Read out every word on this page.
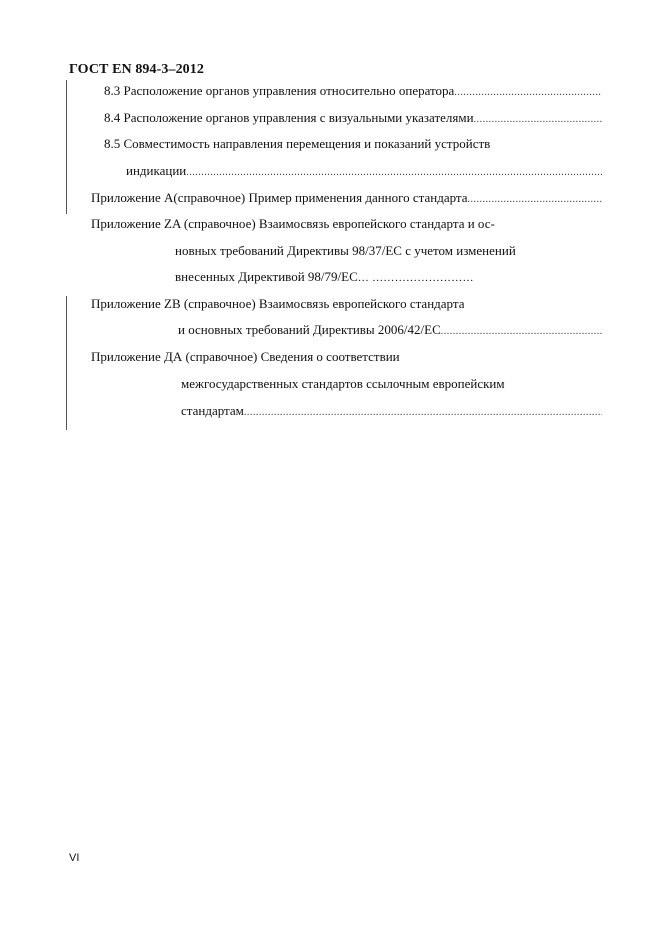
ГОСТ EN 894-3–2012
8.3 Расположение органов управления относительно оператора
.....
8.4 Расположение органов управления с визуальными указателями
.....
8.5 Совместимость направления перемещения и показаний устройств
индикации
.....
Приложение А(справочное) Пример применения данного стандарта
.....
Приложение ZA (справочное) Взаимосвязь европейского стандарта и ос-
новных требований Директивы 98/37/ЕС с учетом изменений
внесенных Директивой 98/79/ЕС… ………………………
Приложение ZB (справочное) Взаимосвязь европейского стандарта
и основных требований Директивы 2006/42/ЕС
.....
Приложение ДА (справочное) Сведения о соответствии
межгосударственных стандартов ссылочным европейским
стандартам
.....
VI
